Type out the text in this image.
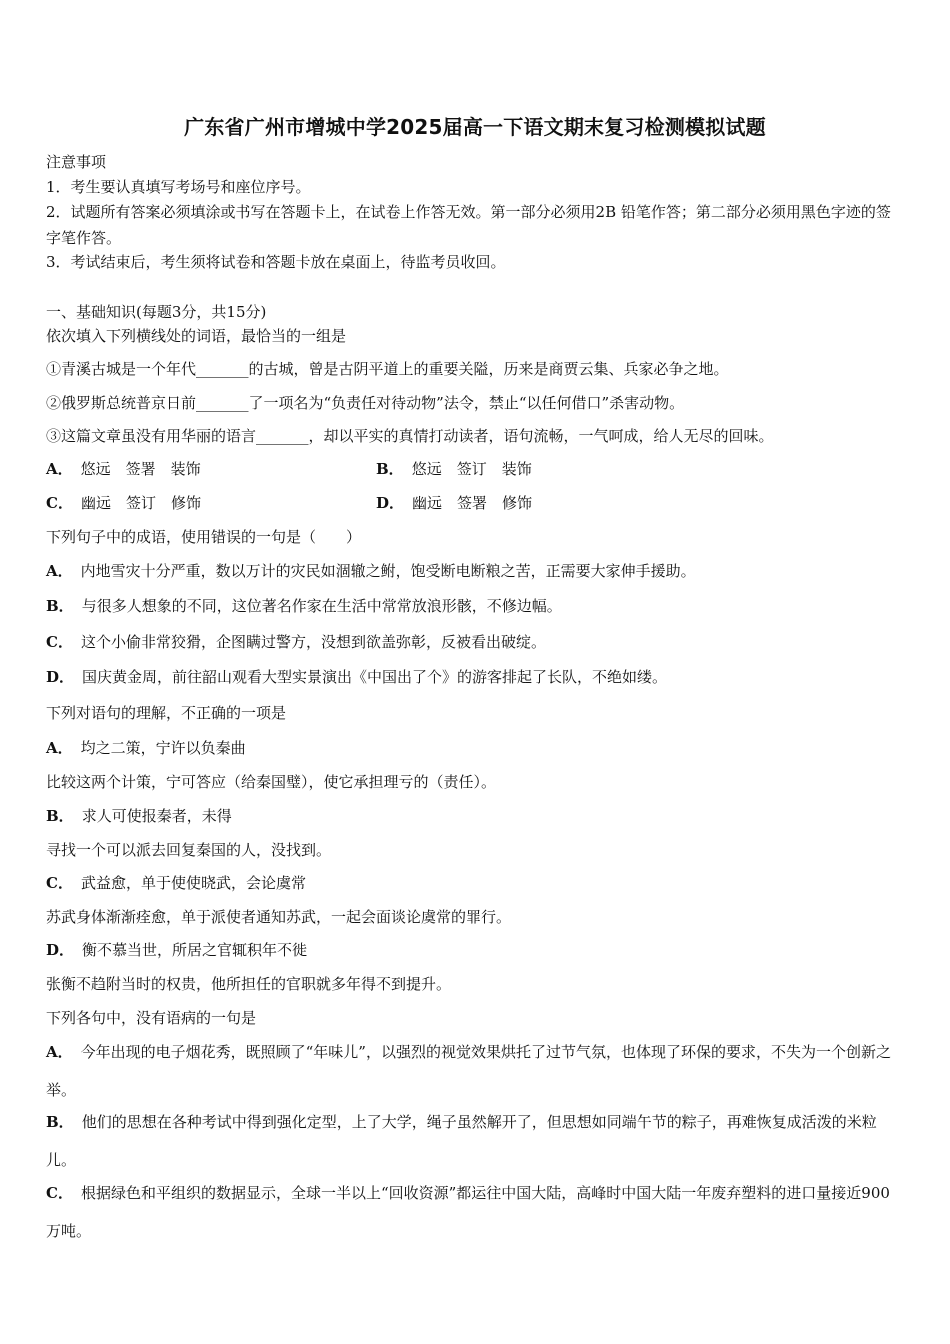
广东省广州市增城中学2025届高一下语文期末复习检测模拟试题
注意事项
1．考生要认真填写考场号和座位序号。
2．试题所有答案必须填涂或书写在答题卡上，在试卷上作答无效。第一部分必须用2B 铅笔作答；第二部分必须用黑色字迹的签字笔作答。
3．考试结束后，考生须将试卷和答题卡放在桌面上，待监考员收回。
一、基础知识(每题3分，共15分)
依次填入下列横线处的词语，最恰当的一组是
①青溪古城是一个年代_______的古城，曾是古阴平道上的重要关隘，历来是商贾云集、兵家必争之地。
②俄罗斯总统普京日前_______了一项名为“负责任对待动物”法令，禁止“以任何借口”杀害动物。
③这篇文章虽没有用华丽的语言_______，却以平实的真情打动读者，语句流畅，一气呵成，给人无尽的回味。
A． 悠远　签署　装饰	B． 悠远　签订　装饰
C． 幽远　签订　修饰	D． 幽远　签署　修饰
下列句子中的成语，使用错误的一句是（　　）
A． 内地雪灾十分严重，数以万计的灾民如涸辙之鲋，饱受断电断粮之苦，正需要大家伸手援助。
B． 与很多人想象的不同，这位著名作家在生活中常常放浪形骸，不修边幅。
C． 这个小偷非常狡猾，企图瞒过警方，没想到欲盖弥彰，反被看出破绽。
D． 国庆黄金周，前往韶山观看大型实景演出《中国出了个》的游客排起了长队，不绝如缕。
下列对语句的理解，不正确的一项是
A． 均之二策，宁许以负秦曲
比较这两个计策，宁可答应（给秦国璧），使它承担理亏的（责任）。
B． 求人可使报秦者，未得
寻找一个可以派去回复秦国的人，没找到。
C． 武益愈，单于使使晓武，会论虞常
苏武身体渐渐痊愈，单于派使者通知苏武，一起会面谈论虞常的罪行。
D． 衡不慕当世，所居之官辄积年不徙
张衡不趋附当时的权贵，他所担任的官职就多年得不到提升。
下列各句中，没有语病的一句是
A． 今年出现的电子烟花秀，既照顾了“年味儿”，以强烈的视觉效果烘托了过节气氛，也体现了环保的要求，不失为一个创新之举。
B． 他们的思想在各种考试中得到强化定型，上了大学，绳子虽然解开了，但思想如同端午节的粽子，再难恢复成活泼的米粒儿。
C． 根据绿色和平组织的数据显示，全球一半以上“回收资源”都运往中国大陆，高峰时中国大陆一年废弃塑料的进口量接近900万吨。
